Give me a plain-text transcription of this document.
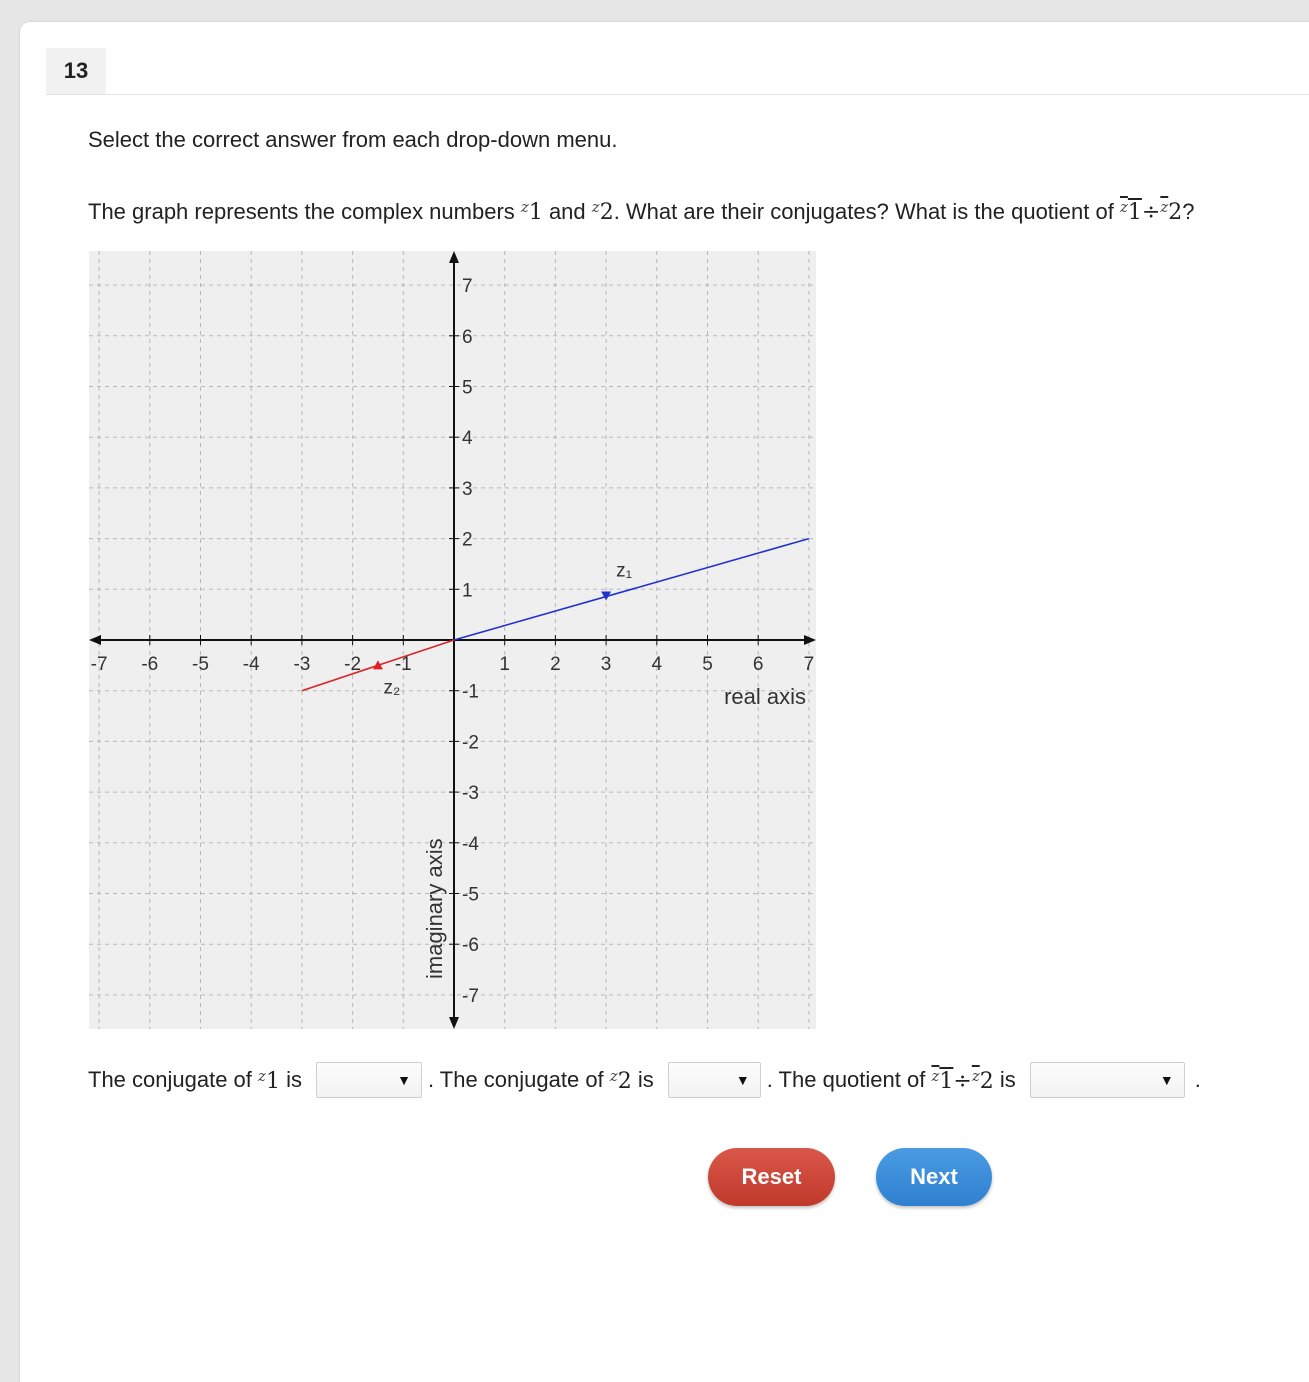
13
Select the correct answer from each drop-down menu.
The graph represents the complex numbers $^z$1 and $^z$2. What are their conjugates? What is the quotient of $^z$1÷$^{\overline{z}}$2?
-7 -6 -5 -4 -3 -2 -1	1 2 3 4 5 6 7
7
6
5
4
3
2
1
-1
-2
-3
-4
-5
-6
-7
z₁
z₂	real axis
imaginary axis
The conjugate of
$^z$1
is	▼ . The conjugate of
$^z$2
is	▼ . The quotient of
$^z$1÷$^{\overline{z}}$2
is	▼ .
Reset	Next
